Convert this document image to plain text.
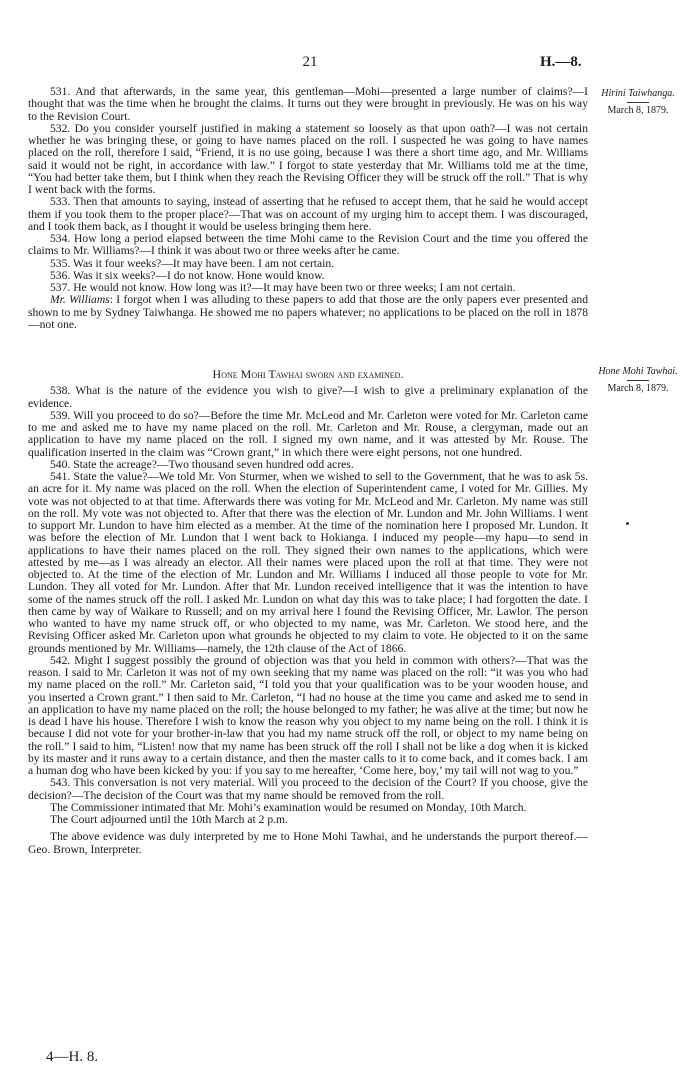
21	H.—8.
Hirini Taiwhanga.
March 8, 1879.
Hone Mohi Tawhai.
March 8, 1879.

531. And that afterwards, in the same year, this gentleman—Mohi—presented a large number of claims?—I thought that was the time when he brought the claims. It turns out they were brought in previously. He was on his way to the Revision Court.

532. Do you consider yourself justified in making a statement so loosely as that upon oath?—I was not certain whether he was bringing these, or going to have names placed on the roll. I suspected he was going to have names placed on the roll, therefore I said, “Friend, it is no use going, because I was there a short time ago, and Mr. Williams said it would not be right, in accordance with law.” I forgot to state yesterday that Mr. Williams told me at the time, “You had better take them, but I think when they reach the Revising Officer they will be struck off the roll.” That is why I went back with the forms.

533. Then that amounts to saying, instead of asserting that he refused to accept them, that he said he would accept them if you took them to the proper place?—That was on account of my urging him to accept them. I was discouraged, and I took them back, as I thought it would be useless bringing them here.

534. How long a period elapsed between the time Mohi came to the Revision Court and the time you offered the claims to Mr. Williams?—I think it was about two or three weeks after he came.

535. Was it four weeks?—It may have been. I am not certain.

536. Was it six weeks?—I do not know. Hone would know.

537. He would not know. How long was it?—It may have been two or three weeks; I am not certain.

Mr. Williams: I forgot when I was alluding to these papers to add that those are the only papers ever presented and shown to me by Sydney Taiwhanga. He showed me no papers whatever; no applications to be placed on the roll in 1878—not one.

Hone Mohi Tawhai sworn and examined.

538. What is the nature of the evidence you wish to give?—I wish to give a preliminary explanation of the evidence.

539. Will you proceed to do so?—Before the time Mr. McLeod and Mr. Carleton were voted for Mr. Carleton came to me and asked me to have my name placed on the roll. Mr. Carleton and Mr. Rouse, a clergyman, made out an application to have my name placed on the roll. I signed my own name, and it was attested by Mr. Rouse. The qualification inserted in the claim was “Crown grant,” in which there were eight persons, not one hundred.

540. State the acreage?—Two thousand seven hundred odd acres.

541. State the value?—We told Mr. Von Sturmer, when we wished to sell to the Government, that he was to ask 5s. an acre for it. My name was placed on the roll. When the election of Superintendent came, I voted for Mr. Gillies. My vote was not objected to at that time. Afterwards there was voting for Mr. McLeod and Mr. Carleton. My name was still on the roll. My vote was not objected to. After that there was the election of Mr. Lundon and Mr. John Williams. I went to support Mr. Lundon to have him elected as a member. At the time of the nomination here I proposed Mr. Lundon. It was before the election of Mr. Lundon that I went back to Hokianga. I induced my people—my hapu—to send in applications to have their names placed on the roll. They signed their own names to the applications, which were attested by me—as I was already an elector. All their names were placed upon the roll at that time. They were not objected to. At the time of the election of Mr. Lundon and Mr. Williams I induced all those people to vote for Mr. Lundon. They all voted for Mr. Lundon. After that Mr. Lundon received intelligence that it was the intention to have some of the names struck off the roll. I asked Mr. Lundon on what day this was to take place; I had forgotten the date. I then came by way of Waikare to Russell; and on my arrival here I found the Revising Officer, Mr. Lawlor. The person who wanted to have my name struck off, or who objected to my name, was Mr. Carleton. We stood here, and the Revising Officer asked Mr. Carleton upon what grounds he objected to my claim to vote. He objected to it on the same grounds mentioned by Mr. Williams—namely, the 12th clause of the Act of 1866.

542. Might I suggest possibly the ground of objection was that you held in common with others?—That was the reason. I said to Mr. Carleton it was not of my own seeking that my name was placed on the roll: “it was you who had my name placed on the roll.” Mr. Carleton said, “I told you that your qualification was to be your wooden house, and you inserted a Crown grant.” I then said to Mr. Carleton, “I had no house at the time you came and asked me to send in an application to have my name placed on the roll; the house belonged to my father; he was alive at the time; but now he is dead I have his house. Therefore I wish to know the reason why you object to my name being on the roll. I think it is because I did not vote for your brother-in-law that you had my name struck off the roll, or object to my name being on the roll.” I said to him, “Listen! now that my name has been struck off the roll I shall not be like a dog when it is kicked by its master and it runs away to a certain distance, and then the master calls to it to come back, and it comes back. I am a human dog who have been kicked by you: if you say to me hereafter, ‘Come here, boy,’ my tail will not wag to you.”

543. This conversation is not very material. Will you proceed to the decision of the Court? If you choose, give the decision?—The decision of the Court was that my name should be removed from the roll.

The Commissioner intimated that Mr. Mohi’s examination would be resumed on Monday, 10th March.

The Court adjourned until the 10th March at 2 p.m.

The above evidence was duly interpreted by me to Hone Mohi Tawhai, and he understands the purport thereof.—Geo. Brown, Interpreter.

4—H. 8.
